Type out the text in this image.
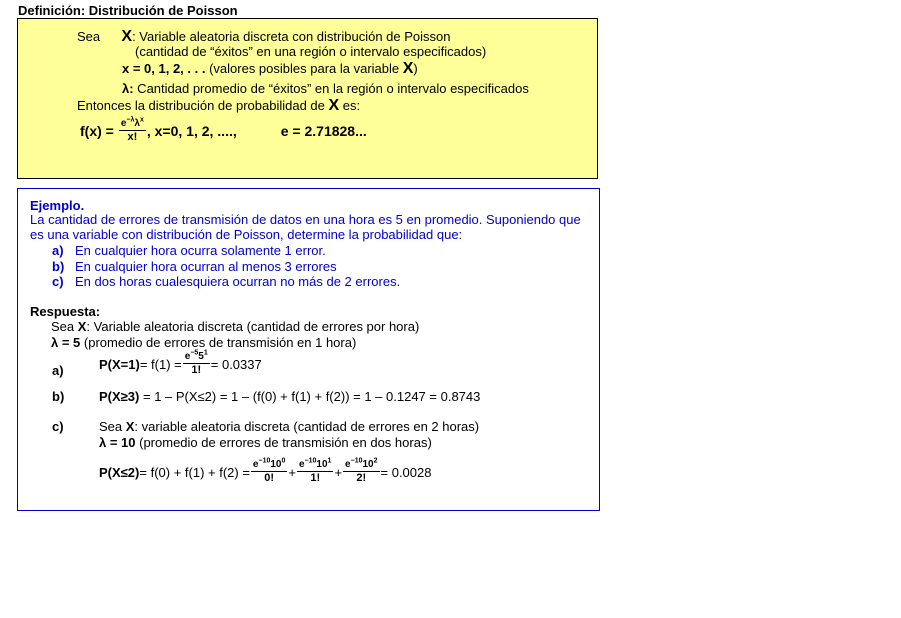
Definición: Distribución de Poisson
Sea X: Variable aleatoria discreta con distribución de Poisson
(cantidad de “éxitos” en una región o intervalo especificados)
x = 0, 1, 2, . . . (valores posibles para la variable X)
λ: Cantidad promedio de “éxitos” en la región o intervalo especificados
Entonces la distribución de probabilidad de X es:
$f(x) = \frac{e^{-\lambda}\lambda^x}{x!}$ , x=0, 1, 2, ....,	e = 2.71828...
Ejemplo.
La cantidad de errores de transmisión de datos en una hora es 5 en promedio. Suponiendo que
es una variable con distribución de Poisson, determine la probabilidad que:
a) En cualquier hora ocurra solamente 1 error.
b) En cualquier hora ocurran al menos 3 errores
c) En dos horas cualesquiera ocurran no más de 2 errores.
Respuesta:
Sea X: Variable aleatoria discreta (cantidad de errores por hora)
λ = 5 (promedio de errores de transmisión en 1 hora)
a)	$P(X=1) = f(1) = \frac{e^{-5}5^1}{1!} = 0.0337$
b)	P(X≥3) = 1 – P(X≤2) = 1 – (f(0) + f(1) + f(2)) = 1 – 0.1247 = 0.8743
c)	Sea X: variable aleatoria discreta (cantidad de errores en 2 horas)
λ = 10 (promedio de errores de transmisión en dos horas)
$P(X\le 2) = f(0) + f(1) + f(2) = \frac{e^{-10}10^0}{0!} + \frac{e^{-10}10^1}{1!} + \frac{e^{-10}10^2}{2!} = 0.0028$
